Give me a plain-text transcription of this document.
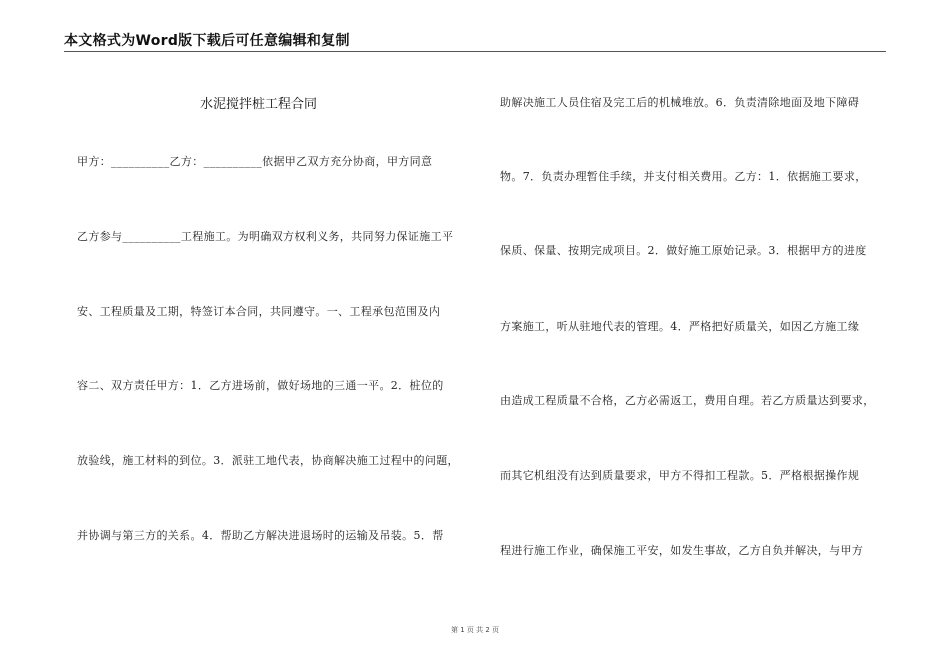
本文格式为Word版下载后可任意编辑和复制
水泥搅拌桩工程合同
甲方：__________乙方：__________依据甲乙双方充分协商，甲方同意
乙方参与__________工程施工。为明确双方权利义务，共同努力保证施工平
安、工程质量及工期，特签订本合同，共同遵守。一、工程承包范围及内
容二、双方责任甲方：1．乙方进场前，做好场地的三通一平。2．桩位的
放验线，施工材料的到位。3．派驻工地代表，协商解决施工过程中的问题，
并协调与第三方的关系。4．帮助乙方解决进退场时的运输及吊装。5．帮
助解决施工人员住宿及完工后的机械堆放。6．负责清除地面及地下障碍
物。7．负责办理暂住手续，并支付相关费用。乙方：1．依据施工要求，
保质、保量、按期完成项目。2．做好施工原始记录。3．根据甲方的进度
方案施工，听从驻地代表的管理。4．严格把好质量关，如因乙方施工缘
由造成工程质量不合格，乙方必需返工，费用自理。若乙方质量达到要求，
而其它机组没有达到质量要求，甲方不得扣工程款。5．严格根据操作规
程进行施工作业，确保施工平安，如发生事故，乙方自负并解决，与甲方
第 1 页 共 2 页
